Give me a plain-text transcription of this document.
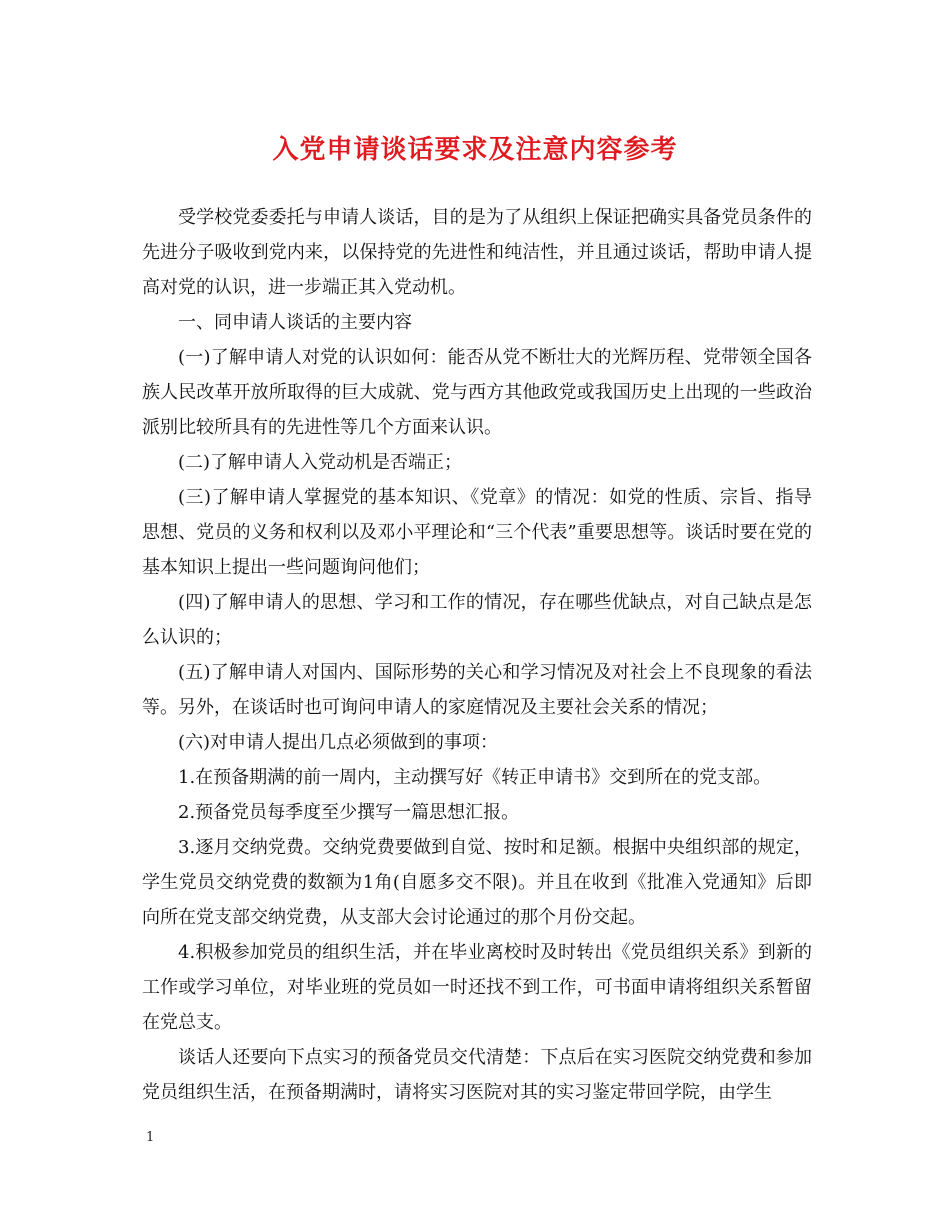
入党申请谈话要求及注意内容参考

受学校党委委托与申请人谈话，目的是为了从组织上保证把确实具备党员条件的先进分子吸收到党内来，以保持党的先进性和纯洁性，并且通过谈话，帮助申请人提高对党的认识，进一步端正其入党动机。

一、同申请人谈话的主要内容

(一)了解申请人对党的认识如何：能否从党不断壮大的光辉历程、党带领全国各族人民改革开放所取得的巨大成就、党与西方其他政党或我国历史上出现的一些政治派别比较所具有的先进性等几个方面来认识。

(二)了解申请人入党动机是否端正；

(三)了解申请人掌握党的基本知识、《党章》的情况：如党的性质、宗旨、指导思想、党员的义务和权利以及邓小平理论和“三个代表”重要思想等。谈话时要在党的基本知识上提出一些问题询问他们；

(四)了解申请人的思想、学习和工作的情况，存在哪些优缺点，对自己缺点是怎么认识的；

(五)了解申请人对国内、国际形势的关心和学习情况及对社会上不良现象的看法等。另外，在谈话时也可询问申请人的家庭情况及主要社会关系的情况；

(六)对申请人提出几点必须做到的事项：

1.在预备期满的前一周内，主动撰写好《转正申请书》交到所在的党支部。

2.预备党员每季度至少撰写一篇思想汇报。

3.逐月交纳党费。交纳党费要做到自觉、按时和足额。根据中央组织部的规定，学生党员交纳党费的数额为1角(自愿多交不限)。并且在收到《批准入党通知》后即向所在党支部交纳党费，从支部大会讨论通过的那个月份交起。

4.积极参加党员的组织生活，并在毕业离校时及时转出《党员组织关系》到新的工作或学习单位，对毕业班的党员如一时还找不到工作，可书面申请将组织关系暂留在党总支。

谈话人还要向下点实习的预备党员交代清楚：下点后在实习医院交纳党费和参加党员组织生活，在预备期满时，请将实习医院对其的实习鉴定带回学院，由学生

1
